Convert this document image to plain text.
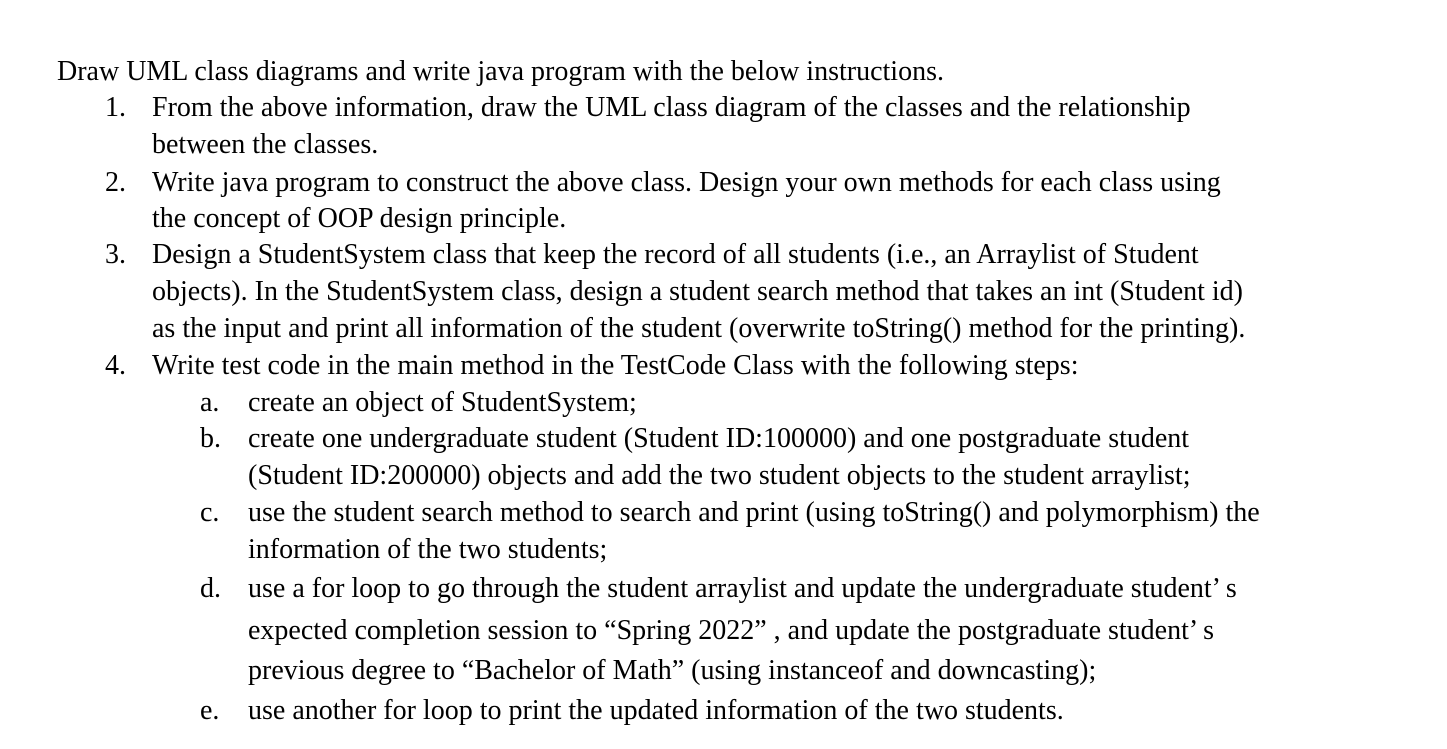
Draw UML class diagrams and write java program with the below instructions.
1. From the above information, draw the UML class diagram of the classes and the relationship
between the classes.
2. Write java program to construct the above class. Design your own methods for each class using
the concept of OOP design principle.
3. Design a StudentSystem class that keep the record of all students (i.e., an Arraylist of Student
objects). In the StudentSystem class, design a student search method that takes an int (Student id)
as the input and print all information of the student (overwrite toString() method for the printing).
4. Write test code in the main method in the TestCode Class with the following steps:
a. create an object of StudentSystem;
b. create one undergraduate student (Student ID:100000) and one postgraduate student
(Student ID:200000) objects and add the two student objects to the student arraylist;
c. use the student search method to search and print (using toString() and polymorphism) the
information of the two students;
d. use a for loop to go through the student arraylist and update the undergraduate student’ s
expected completion session to “Spring 2022” , and update the postgraduate student’ s
previous degree to “Bachelor of Math” (using instanceof and downcasting);
e. use another for loop to print the updated information of the two students.
